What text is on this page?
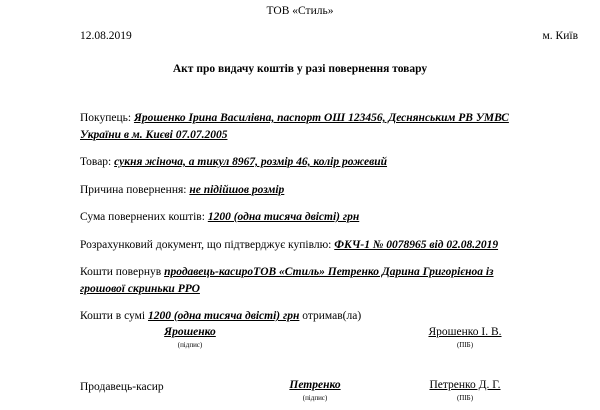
ТОВ «Стиль»
12.08.2019	м. Київ
Акт про видачу коштів у разі повернення товару

Покупець: Ярошенко Ірина Василівна, паспорт ОШ 123456, Деснянським РВ УМВС України в м. Києві 07.07.2005

Товар: сукня жіноча, а тикул 8967, розмір 46, колір рожевий

Причина повернення: не підійшов розмір

Сума повернених коштів: 1200 (одна тисяча двісті) грн

Розрахунковий документ, що підтверджує купівлю: ФКЧ-1 № 0078965 від 02.08.2019

Кошти повернув продавець-касироТОВ «Стиль» Петренко Дарина Григорієноа із грошової скриньки РРО

Кошти в сумі 1200 (одна тисяча двісті) грн отримав(ла)

Ярошенко
(підпис)
Ярошенко І. В.
(ПІБ)
Продавець-касир	Петренко
(підпис)
Петренко Д. Г.
(ПІБ)
